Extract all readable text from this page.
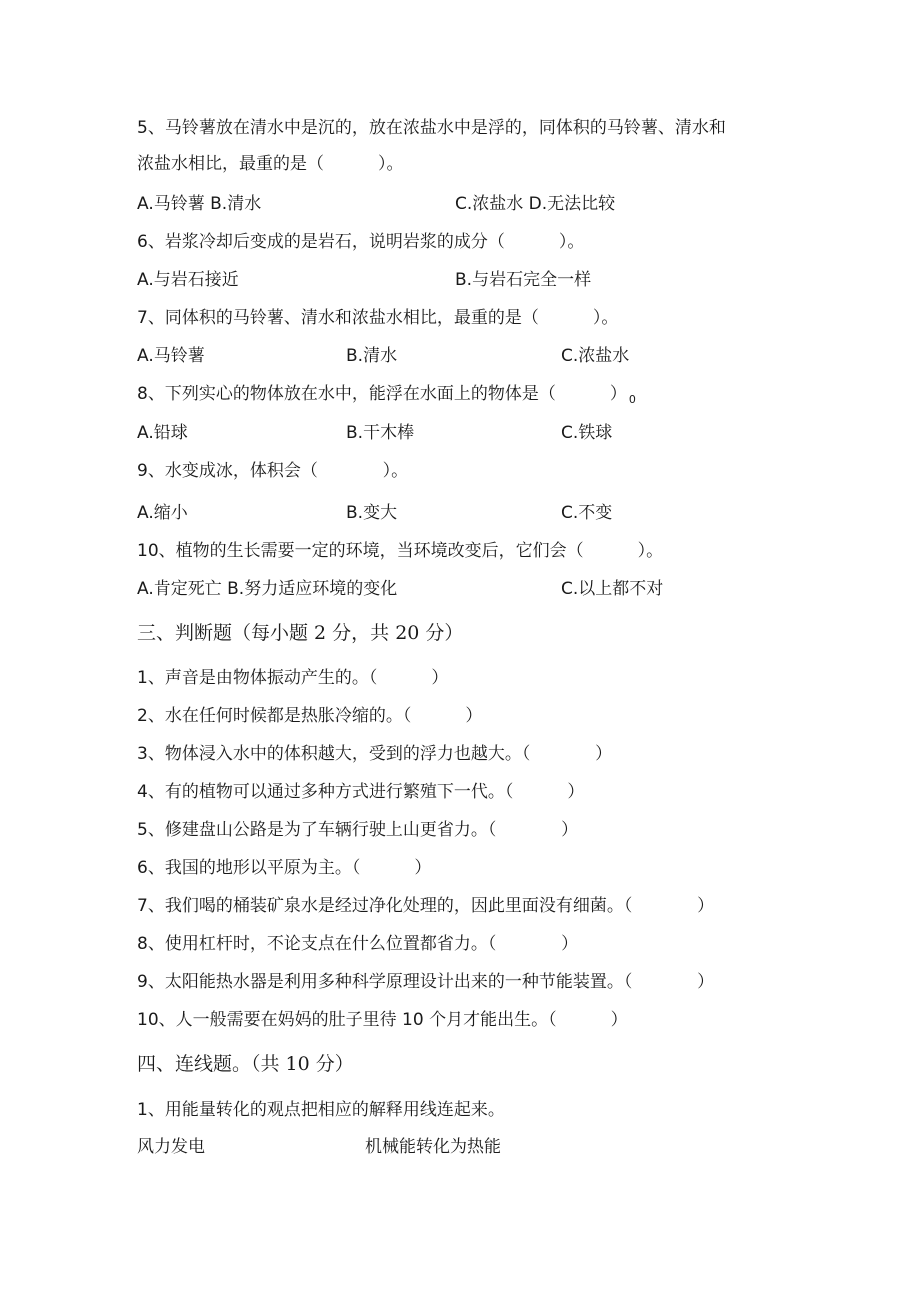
5、马铃薯放在清水中是沉的，放在浓盐水中是浮的，同体积的马铃薯、清水和
浓盐水相比，最重的是（          ）。
A.马铃薯 B.清水	C.浓盐水 D.无法比较
6、岩浆冷却后变成的是岩石，说明岩浆的成分（          ）。
A.与岩石接近	B.与岩石完全一样
7、同体积的马铃薯、清水和浓盐水相比，最重的是（          ）。
A.马铃薯	B.清水	C.浓盐水
8、下列实心的物体放在水中，能浮在水面上的物体是（          ） $_0$
A.铅球	B.干木棒	C.铁球
9、水变成冰，体积会（            ）。
A.缩小	B.变大	C.不变
10、植物的生长需要一定的环境，当环境改变后，它们会（          ）。
A.肯定死亡 B.努力适应环境的变化	C.以上都不对
三、判断题（每小题 2 分，共 20 分）
1、声音是由物体振动产生的。（          ）
2、水在任何时候都是热胀冷缩的。（          ）
3、物体浸入水中的体积越大，受到的浮力也越大。（            ）
4、有的植物可以通过多种方式进行繁殖下一代。（          ）
5、修建盘山公路是为了车辆行驶上山更省力。（            ）
6、我国的地形以平原为主。（          ）
7、我们喝的桶装矿泉水是经过净化处理的，因此里面没有细菌。（            ）
8、使用杠杆时，不论支点在什么位置都省力。（            ）
9、太阳能热水器是利用多种科学原理设计出来的一种节能装置。（            ）
10、人一般需要在妈妈的肚子里待 10 个月才能出生。（          ）
四、连线题。（共 10 分）
1、用能量转化的观点把相应的解释用线连起来。
风力发电	机械能转化为热能
